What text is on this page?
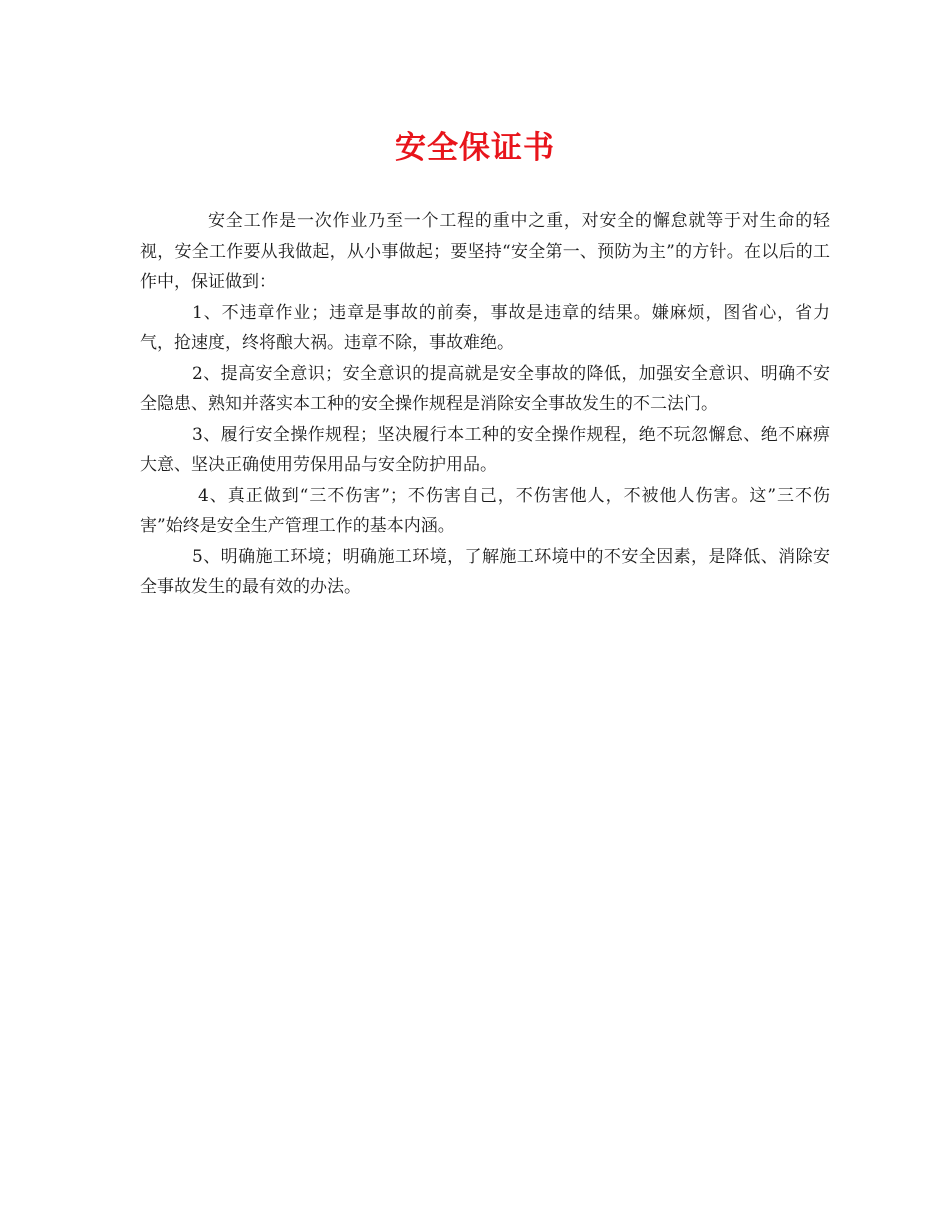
安全保证书

安全工作是一次作业乃至一个工程的重中之重，对安全的懈怠就等于对生命的轻视，安全工作要从我做起，从小事做起；要坚持“安全第一、预防为主”的方针。在以后的工作中，保证做到：

1、不违章作业；违章是事故的前奏，事故是违章的结果。嫌麻烦，图省心，省力气，抢速度，终将酿大祸。违章不除，事故难绝。

2、提高安全意识；安全意识的提高就是安全事故的降低，加强安全意识、明确不安全隐患、熟知并落实本工种的安全操作规程是消除安全事故发生的不二法门。

3、履行安全操作规程；坚决履行本工种的安全操作规程，绝不玩忽懈怠、绝不麻痹大意、坚决正确使用劳保用品与安全防护用品。

4、真正做到“三不伤害”；不伤害自己，不伤害他人，不被他人伤害。这”三不伤害”始终是安全生产管理工作的基本内涵。

5、明确施工环境；明确施工环境，了解施工环境中的不安全因素，是降低、消除安全事故发生的最有效的办法。
